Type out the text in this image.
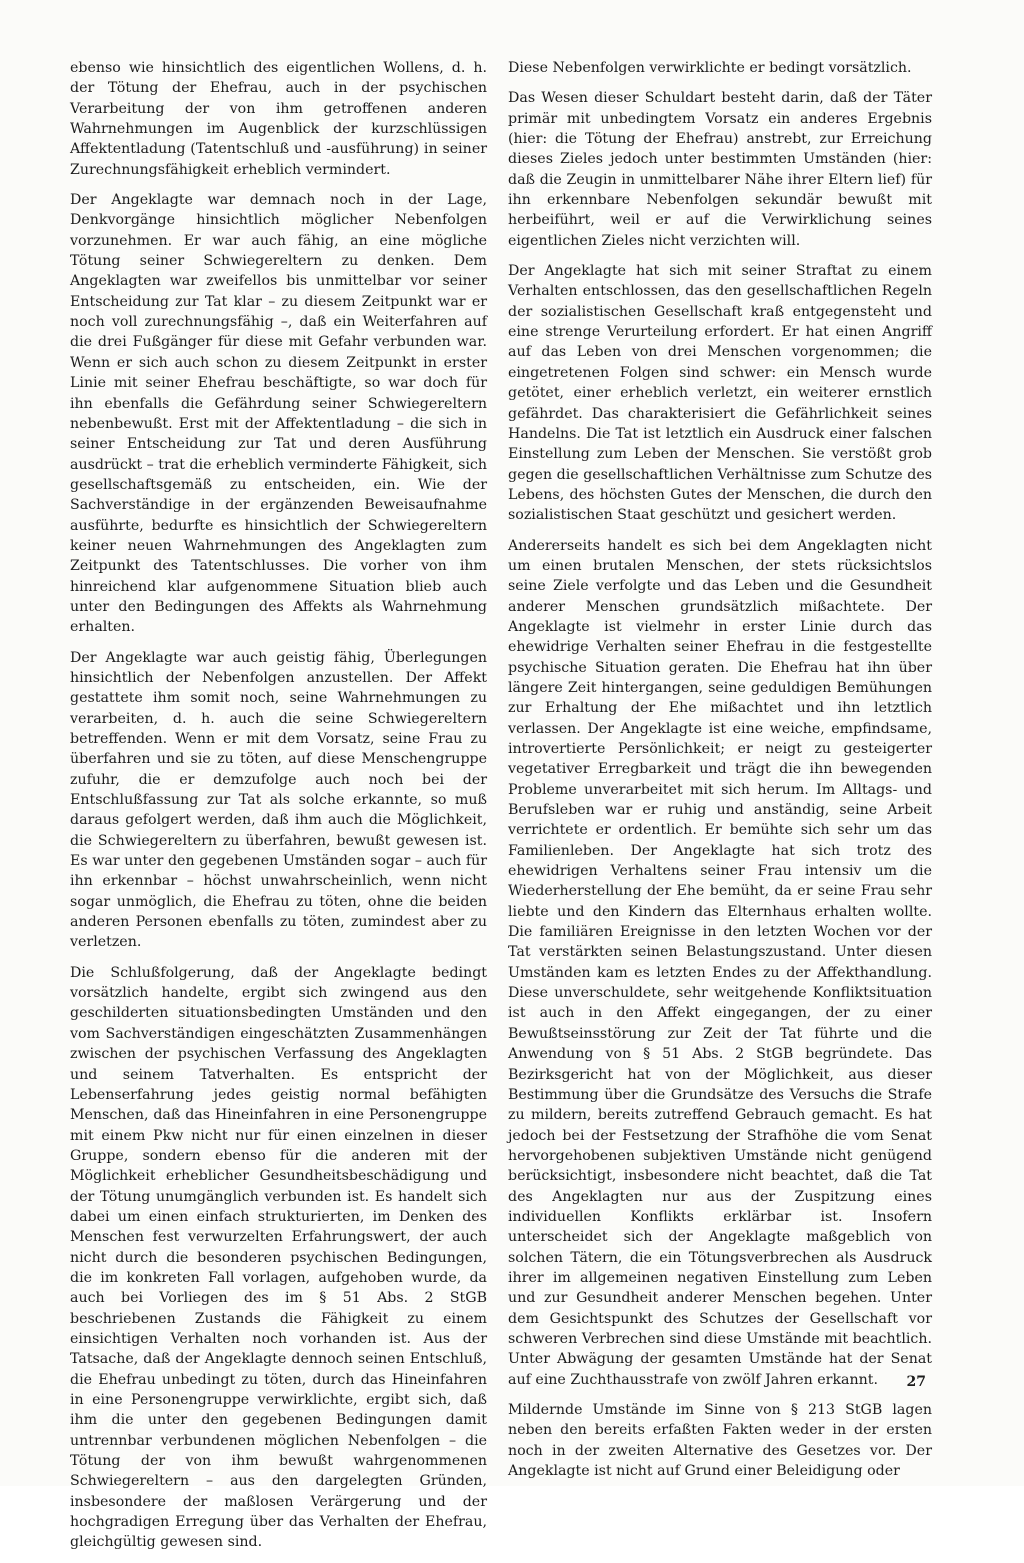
ebenso wie hinsichtlich des eigentlichen Wollens, d. h. der Tötung der Ehefrau, auch in der psychischen Verarbeitung der von ihm getroffenen anderen Wahrnehmungen im Augenblick der kurzschlüssigen Affektentladung (Tatentschluß und -ausführung) in seiner Zurechnungsfähigkeit erheblich vermindert.

Der Angeklagte war demnach noch in der Lage, Denkvorgänge hinsichtlich möglicher Nebenfolgen vorzunehmen. Er war auch fähig, an eine mögliche Tötung seiner Schwiegereltern zu denken. Dem Angeklagten war zweifellos bis unmittelbar vor seiner Entscheidung zur Tat klar – zu diesem Zeitpunkt war er noch voll zurechnungsfähig –, daß ein Weiterfahren auf die drei Fußgänger für diese mit Gefahr verbunden war. Wenn er sich auch schon zu diesem Zeitpunkt in erster Linie mit seiner Ehefrau beschäftigte, so war doch für ihn ebenfalls die Gefährdung seiner Schwiegereltern nebenbewußt. Erst mit der Affektentladung – die sich in seiner Entscheidung zur Tat und deren Ausführung ausdrückt – trat die erheblich verminderte Fähigkeit, sich gesellschaftsgemäß zu entscheiden, ein. Wie der Sachverständige in der ergänzenden Beweisaufnahme ausführte, bedurfte es hinsichtlich der Schwiegereltern keiner neuen Wahrnehmungen des Angeklagten zum Zeitpunkt des Tatentschlusses. Die vorher von ihm hinreichend klar aufgenommene Situation blieb auch unter den Bedingungen des Affekts als Wahrnehmung erhalten.

Der Angeklagte war auch geistig fähig, Überlegungen hinsichtlich der Nebenfolgen anzustellen. Der Affekt gestattete ihm somit noch, seine Wahrnehmungen zu verarbeiten, d. h. auch die seine Schwiegereltern betreffenden. Wenn er mit dem Vorsatz, seine Frau zu überfahren und sie zu töten, auf diese Menschengruppe zufuhr, die er demzufolge auch noch bei der Entschlußfassung zur Tat als solche erkannte, so muß daraus gefolgert werden, daß ihm auch die Möglichkeit, die Schwiegereltern zu überfahren, bewußt gewesen ist. Es war unter den gegebenen Umständen sogar – auch für ihn erkennbar – höchst unwahrscheinlich, wenn nicht sogar unmöglich, die Ehefrau zu töten, ohne die beiden anderen Personen ebenfalls zu töten, zumindest aber zu verletzen.

Die Schlußfolgerung, daß der Angeklagte bedingt vorsätzlich handelte, ergibt sich zwingend aus den geschilderten situationsbedingten Umständen und den vom Sachverständigen eingeschätzten Zusammenhängen zwischen der psychischen Verfassung des Angeklagten und seinem Tatverhalten. Es entspricht der Lebenserfahrung jedes geistig normal befähigten Menschen, daß das Hineinfahren in eine Personengruppe mit einem Pkw nicht nur für einen einzelnen in dieser Gruppe, sondern ebenso für die anderen mit der Möglichkeit erheblicher Gesundheitsbeschädigung und der Tötung unumgänglich verbunden ist. Es handelt sich dabei um einen einfach strukturierten, im Denken des Menschen fest verwurzelten Erfahrungswert, der auch nicht durch die besonderen psychischen Bedingungen, die im konkreten Fall vorlagen, aufgehoben wurde, da auch bei Vorliegen des im § 51 Abs. 2 StGB beschriebenen Zustands die Fähigkeit zu einem einsichtigen Verhalten noch vorhanden ist. Aus der Tatsache, daß der Angeklagte dennoch seinen Entschluß, die Ehefrau unbedingt zu töten, durch das Hineinfahren in eine Personengruppe verwirklichte, ergibt sich, daß ihm die unter den gegebenen Bedingungen damit untrennbar verbundenen möglichen Nebenfolgen – die Tötung der von ihm bewußt wahrgenommenen Schwiegereltern – aus den dargelegten Gründen, insbesondere der maßlosen Verärgerung und der hochgradigen Erregung über das Verhalten der Ehefrau, gleichgültig gewesen sind.

Diese Nebenfolgen verwirklichte er bedingt vorsätzlich.

Das Wesen dieser Schuldart besteht darin, daß der Täter primär mit unbedingtem Vorsatz ein anderes Ergebnis (hier: die Tötung der Ehefrau) anstrebt, zur Erreichung dieses Zieles jedoch unter bestimmten Umständen (hier: daß die Zeugin in unmittelbarer Nähe ihrer Eltern lief) für ihn erkennbare Nebenfolgen sekundär bewußt mit herbeiführt, weil er auf die Verwirklichung seines eigentlichen Zieles nicht verzichten will.

Der Angeklagte hat sich mit seiner Straftat zu einem Verhalten entschlossen, das den gesellschaftlichen Regeln der sozialistischen Gesellschaft kraß entgegensteht und eine strenge Verurteilung erfordert. Er hat einen Angriff auf das Leben von drei Menschen vorgenommen; die eingetretenen Folgen sind schwer: ein Mensch wurde getötet, einer erheblich verletzt, ein weiterer ernstlich gefährdet. Das charakterisiert die Gefährlichkeit seines Handelns. Die Tat ist letztlich ein Ausdruck einer falschen Einstellung zum Leben der Menschen. Sie verstößt grob gegen die gesellschaftlichen Verhältnisse zum Schutze des Lebens, des höchsten Gutes der Menschen, die durch den sozialistischen Staat geschützt und gesichert werden.

Andererseits handelt es sich bei dem Angeklagten nicht um einen brutalen Menschen, der stets rücksichtslos seine Ziele verfolgte und das Leben und die Gesundheit anderer Menschen grundsätzlich mißachtete. Der Angeklagte ist vielmehr in erster Linie durch das ehewidrige Verhalten seiner Ehefrau in die festgestellte psychische Situation geraten. Die Ehefrau hat ihn über längere Zeit hintergangen, seine geduldigen Bemühungen zur Erhaltung der Ehe mißachtet und ihn letztlich verlassen. Der Angeklagte ist eine weiche, empfindsame, introvertierte Persönlichkeit; er neigt zu gesteigerter vegetativer Erregbarkeit und trägt die ihn bewegenden Probleme unverarbeitet mit sich herum. Im Alltags- und Berufsleben war er ruhig und anständig, seine Arbeit verrichtete er ordentlich. Er bemühte sich sehr um das Familienleben. Der Angeklagte hat sich trotz des ehewidrigen Verhaltens seiner Frau intensiv um die Wiederherstellung der Ehe bemüht, da er seine Frau sehr liebte und den Kindern das Elternhaus erhalten wollte. Die familiären Ereignisse in den letzten Wochen vor der Tat verstärkten seinen Belastungszustand. Unter diesen Umständen kam es letzten Endes zu der Affekthandlung. Diese unverschuldete, sehr weitgehende Konfliktsituation ist auch in den Affekt eingegangen, der zu einer Bewußtseinsstörung zur Zeit der Tat führte und die Anwendung von § 51 Abs. 2 StGB begründete. Das Bezirksgericht hat von der Möglichkeit, aus dieser Bestimmung über die Grundsätze des Versuchs die Strafe zu mildern, bereits zutreffend Gebrauch gemacht. Es hat jedoch bei der Festsetzung der Strafhöhe die vom Senat hervorgehobenen subjektiven Umstände nicht genügend berücksichtigt, insbesondere nicht beachtet, daß die Tat des Angeklagten nur aus der Zuspitzung eines individuellen Konflikts erklärbar ist. Insofern unterscheidet sich der Angeklagte maßgeblich von solchen Tätern, die ein Tötungsverbrechen als Ausdruck ihrer im allgemeinen negativen Einstellung zum Leben und zur Gesundheit anderer Menschen begehen. Unter dem Gesichtspunkt des Schutzes der Gesellschaft vor schweren Verbrechen sind diese Umstände mit beachtlich. Unter Abwägung der gesamten Umstände hat der Senat auf eine Zuchthausstrafe von zwölf Jahren erkannt.

Mildernde Umstände im Sinne von § 213 StGB lagen neben den bereits erfaßten Fakten weder in der ersten noch in der zweiten Alternative des Gesetzes vor. Der Angeklagte ist nicht auf Grund einer Beleidigung oder

27
